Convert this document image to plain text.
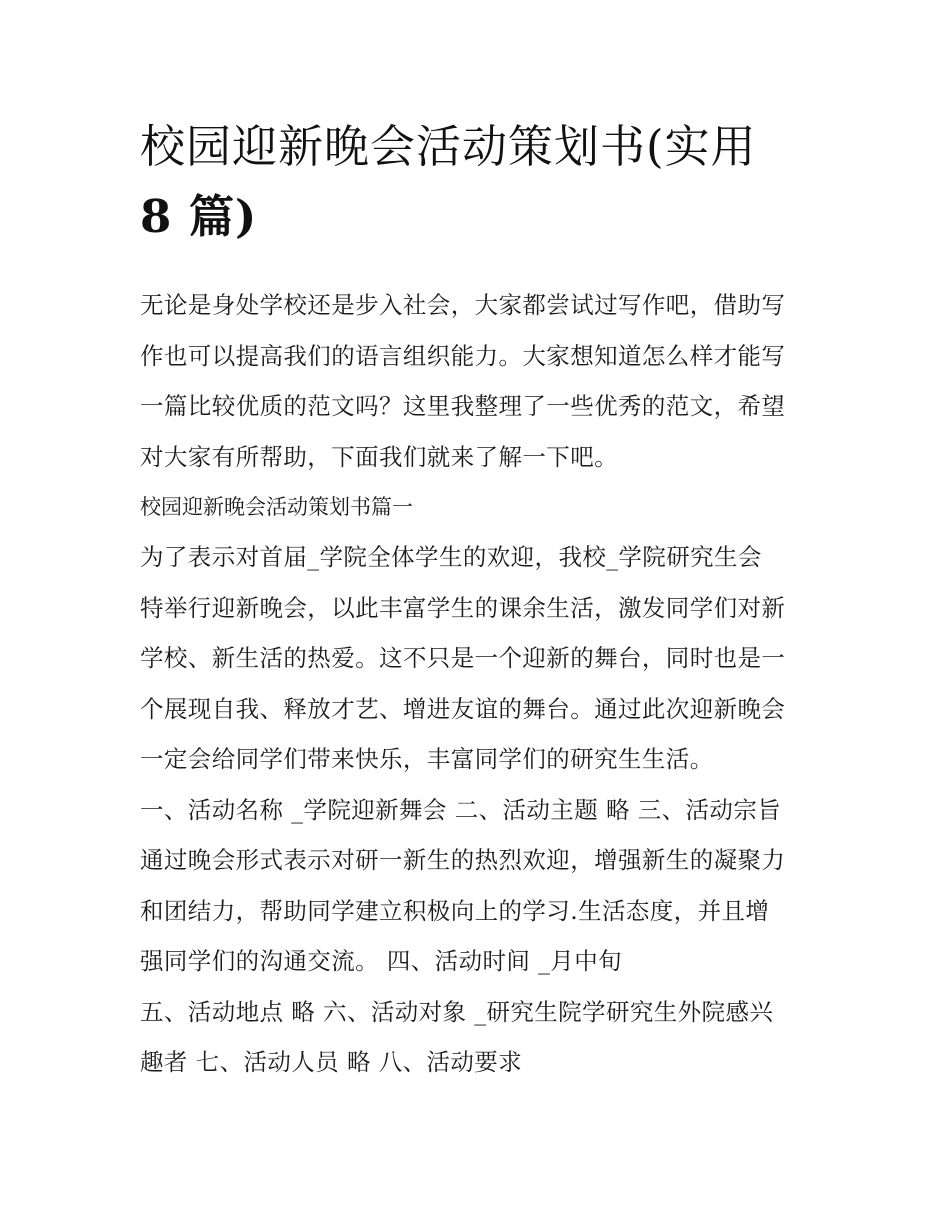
校园迎新晚会活动策划书(实用
8 篇)

无论是身处学校还是步入社会，大家都尝试过写作吧，借助写
作也可以提高我们的语言组织能力。大家想知道怎么样才能写
一篇比较优质的范文吗？这里我整理了一些优秀的范文，希望
对大家有所帮助，下面我们就来了解一下吧。

校园迎新晚会活动策划书篇一

为了表示对首届_学院全体学生的欢迎，我校_学院研究生会
特举行迎新晚会，以此丰富学生的课余生活，激发同学们对新
学校、新生活的热爱。这不只是一个迎新的舞台，同时也是一
个展现自我、释放才艺、增进友谊的舞台。通过此次迎新晚会
一定会给同学们带来快乐，丰富同学们的研究生生活。

一、活动名称 _学院迎新舞会 二、活动主题 略 三、活动宗旨
通过晚会形式表示对研一新生的热烈欢迎，增强新生的凝聚力
和团结力，帮助同学建立积极向上的学习.生活态度，并且增
强同学们的沟通交流。 四、活动时间 _月中旬

五、活动地点 略 六、活动对象 _研究生院学研究生外院感兴
趣者 七、活动人员 略 八、活动要求
